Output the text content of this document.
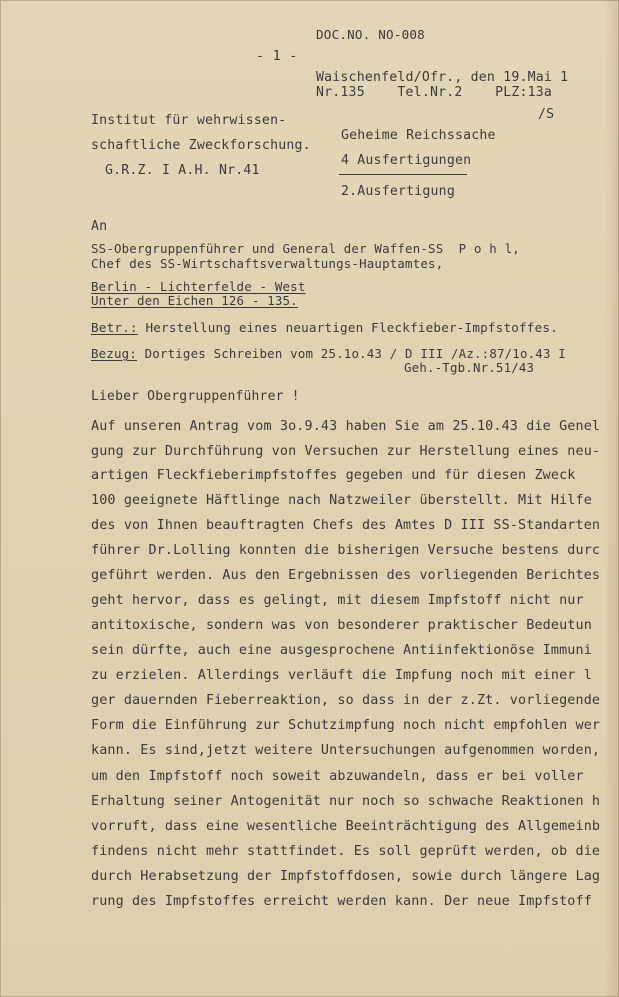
DOC.NO. NO-008
- 1 -
Waischenfeld/Ofr., den 19.Mai 1
Nr.135    Tel.Nr.2    PLZ:13a
/S
Institut für wehrwissen-
schaftliche Zweckforschung.
G.R.Z. I A.H. Nr.41
Geheime Reichssache
4 Ausfertigungen
2.Ausfertigung
An
SS-Obergruppenführer und General der Waffen-SS  P o h l,
Chef des SS-Wirtschaftsverwaltungs-Hauptamtes,
Berlin - Lichterfelde - West
Unter den Eichen 126 - 135.
Betr.: Herstellung eines neuartigen Fleckfieber-Impfstoffes.
Bezug: Dortiges Schreiben vom 25.1o.43 / D III /Az.:87/1o.43 I
Geh.-Tgb.Nr.51/43
Lieber Obergruppenführer !
Auf unseren Antrag vom 3o.9.43 haben Sie am 25.10.43 die Genel
gung zur Durchführung von Versuchen zur Herstellung eines neu-
artigen Fleckfieberimpfstoffes gegeben und für diesen Zweck
100 geeignete Häftlinge nach Natzweiler überstellt. Mit Hilfe
des von Ihnen beauftragten Chefs des Amtes D III SS-Standarten
führer Dr.Lolling konnten die bisherigen Versuche bestens durc
geführt werden. Aus den Ergebnissen des vorliegenden Berichtes
geht hervor, dass es gelingt, mit diesem Impfstoff nicht nur
antitoxische, sondern was von besonderer praktischer Bedeutun
sein dürfte, auch eine ausgesprochene Antiinfektionöse Immuni
zu erzielen. Allerdings verläuft die Impfung noch mit einer l
ger dauernden Fieberreaktion, so dass in der z.Zt. vorliegende
Form die Einführung zur Schutzimpfung noch nicht empfohlen wer
kann. Es sind,jetzt weitere Untersuchungen aufgenommen worden,
um den Impfstoff noch soweit abzuwandeln, dass er bei voller
Erhaltung seiner Antogenität nur noch so schwache Reaktionen h
vorruft, dass eine wesentliche Beeinträchtigung des Allgemeinb
findens nicht mehr stattfindet. Es soll geprüft werden, ob die
durch Herabsetzung der Impfstoffdosen, sowie durch längere Lag
rung des Impfstoffes erreicht werden kann. Der neue Impfstoff
